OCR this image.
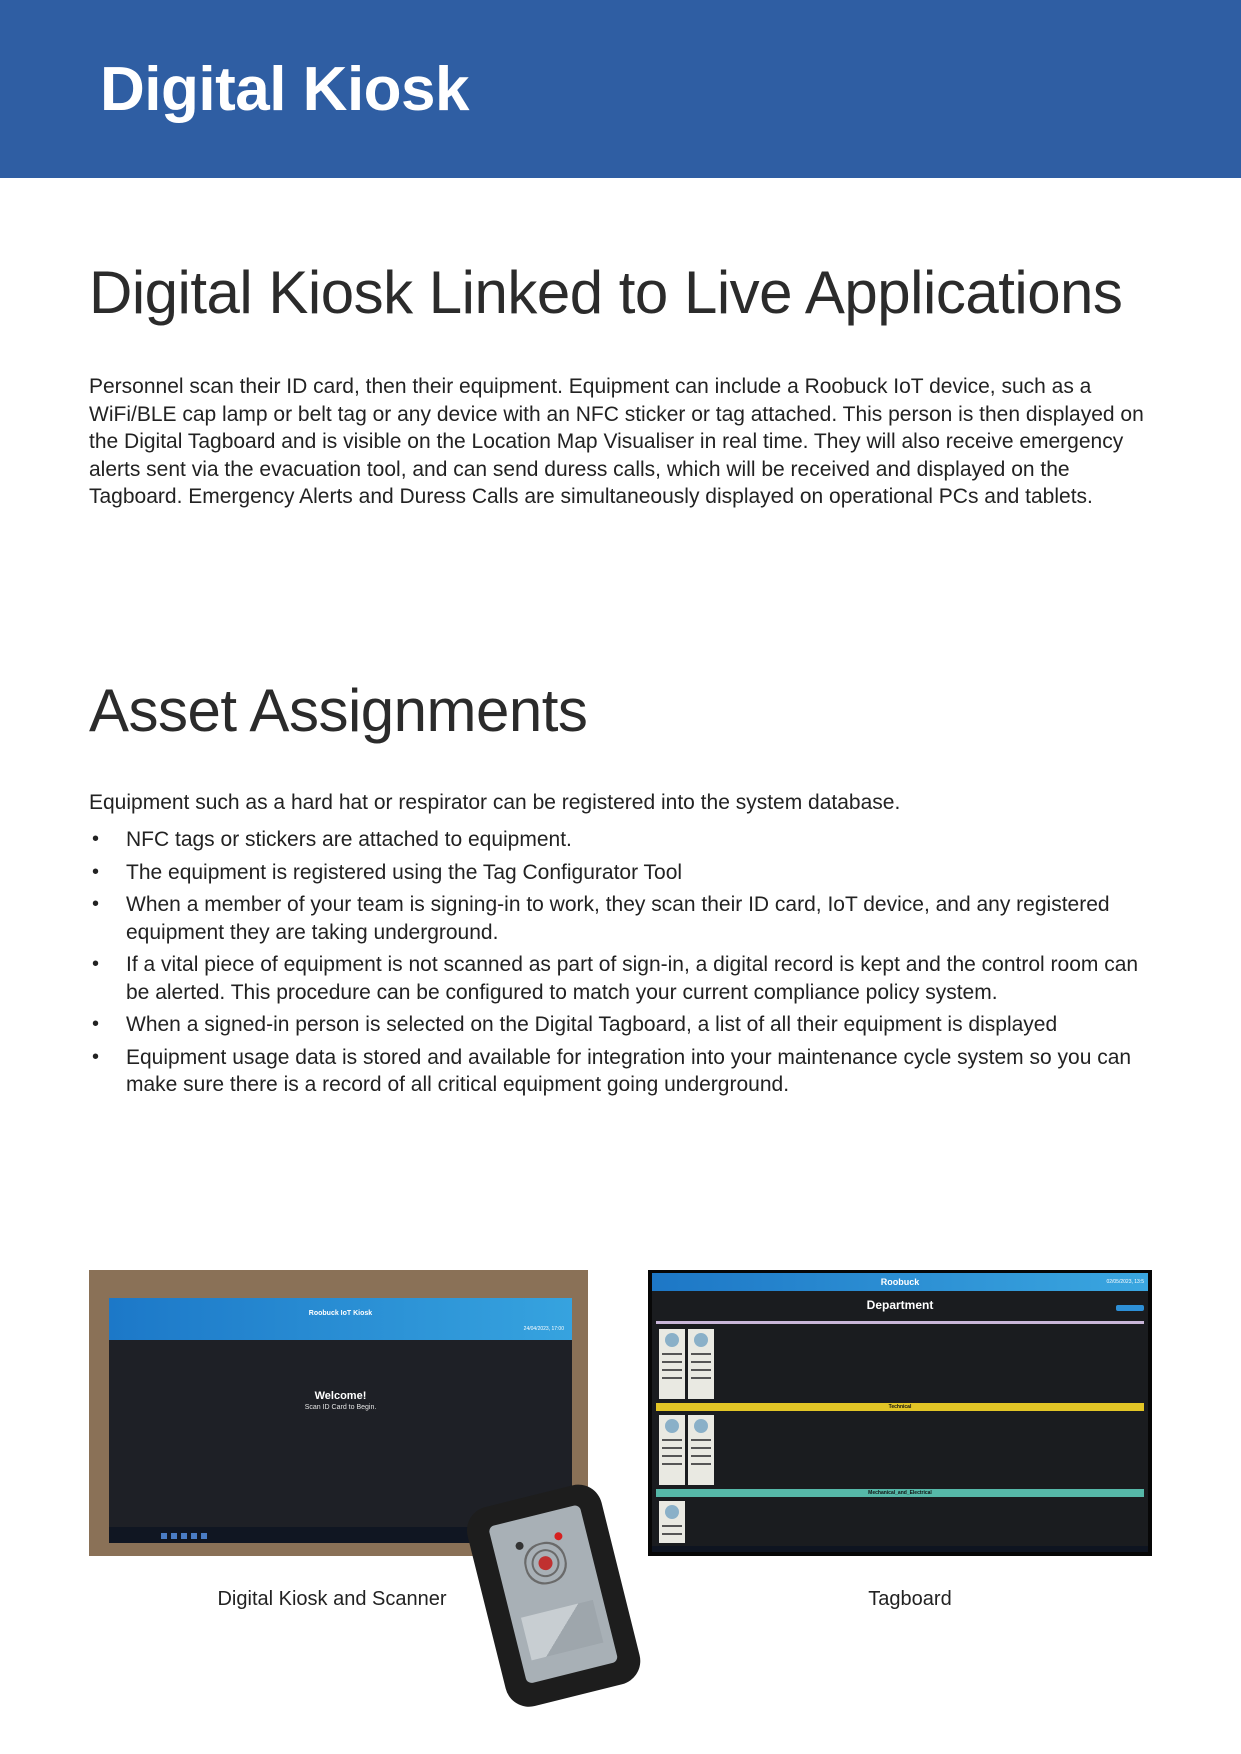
Digital Kiosk
Digital Kiosk Linked to Live Applications

Personnel scan their ID card, then their equipment. Equipment can include a Roobuck IoT device, such as a WiFi/BLE cap lamp or belt tag or any device with an NFC sticker or tag attached. This person is then displayed on the Digital Tagboard and is visible on the Location Map Visualiser in real time. They will also receive emergency alerts sent via the evacuation tool, and can send duress calls, which will be received and displayed on the Tagboard. Emergency Alerts and Duress Calls are simultaneously displayed on operational PCs and tablets.

Asset Assignments

Equipment such as a hard hat or respirator can be registered into the system database.

• NFC tags or stickers are attached to equipment.
• The equipment is registered using the Tag Configurator Tool
• When a member of your team is signing-in to work, they scan their ID card, IoT device, and any registered equipment they are taking underground.
• If a vital piece of equipment is not scanned as part of sign-in, a digital record is kept and the control room can be alerted. This procedure can be configured to match your current compliance policy system.
• When a signed-in person is selected on the Digital Tagboard, a list of all their equipment is displayed
• Equipment usage data is stored and available for integration into your maintenance cycle system so you can make sure there is a record of all critical equipment going underground.
Roobuck IoT Kiosk
24/04/2023, 17:00
Welcome!
Scan ID Card to Begin.
Roobuck	02/05/2023, 13:5
Department
Technical
Mechanical_and_Electrical

Digital Kiosk and Scanner	Tagboard
